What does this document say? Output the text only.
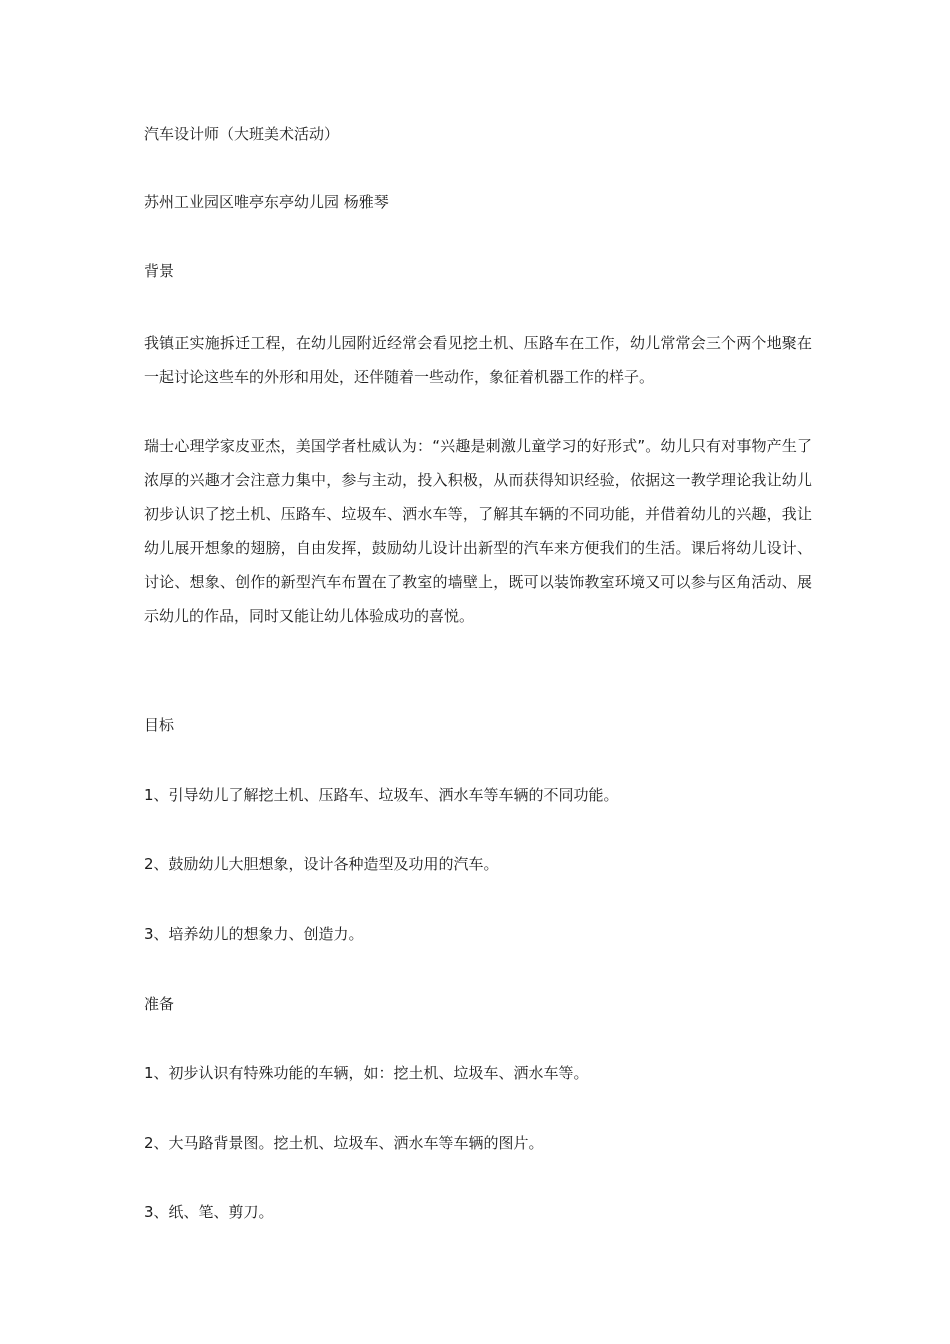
汽车设计师（大班美术活动）

苏州工业园区唯亭东亭幼儿园 杨雅琴

背景

我镇正实施拆迁工程，在幼儿园附近经常会看见挖土机、压路车在工作，幼儿常常会三个两个地聚在一起讨论这些车的外形和用处，还伴随着一些动作，象征着机器工作的样子。

瑞士心理学家皮亚杰，美国学者杜威认为：“兴趣是刺激儿童学习的好形式”。幼儿只有对事物产生了浓厚的兴趣才会注意力集中，参与主动，投入积极，从而获得知识经验，依据这一教学理论我让幼儿初步认识了挖土机、压路车、垃圾车、洒水车等，了解其车辆的不同功能，并借着幼儿的兴趣，我让幼儿展开想象的翅膀，自由发挥，鼓励幼儿设计出新型的汽车来方便我们的生活。课后将幼儿设计、讨论、想象、创作的新型汽车布置在了教室的墙壁上，既可以装饰教室环境又可以参与区角活动、展示幼儿的作品，同时又能让幼儿体验成功的喜悦。

目标

1、引导幼儿了解挖土机、压路车、垃圾车、洒水车等车辆的不同功能。

2、鼓励幼儿大胆想象，设计各种造型及功用的汽车。

3、培养幼儿的想象力、创造力。

准备

1、初步认识有特殊功能的车辆，如：挖土机、垃圾车、洒水车等。

2、大马路背景图。挖土机、垃圾车、洒水车等车辆的图片。

3、纸、笔、剪刀。
